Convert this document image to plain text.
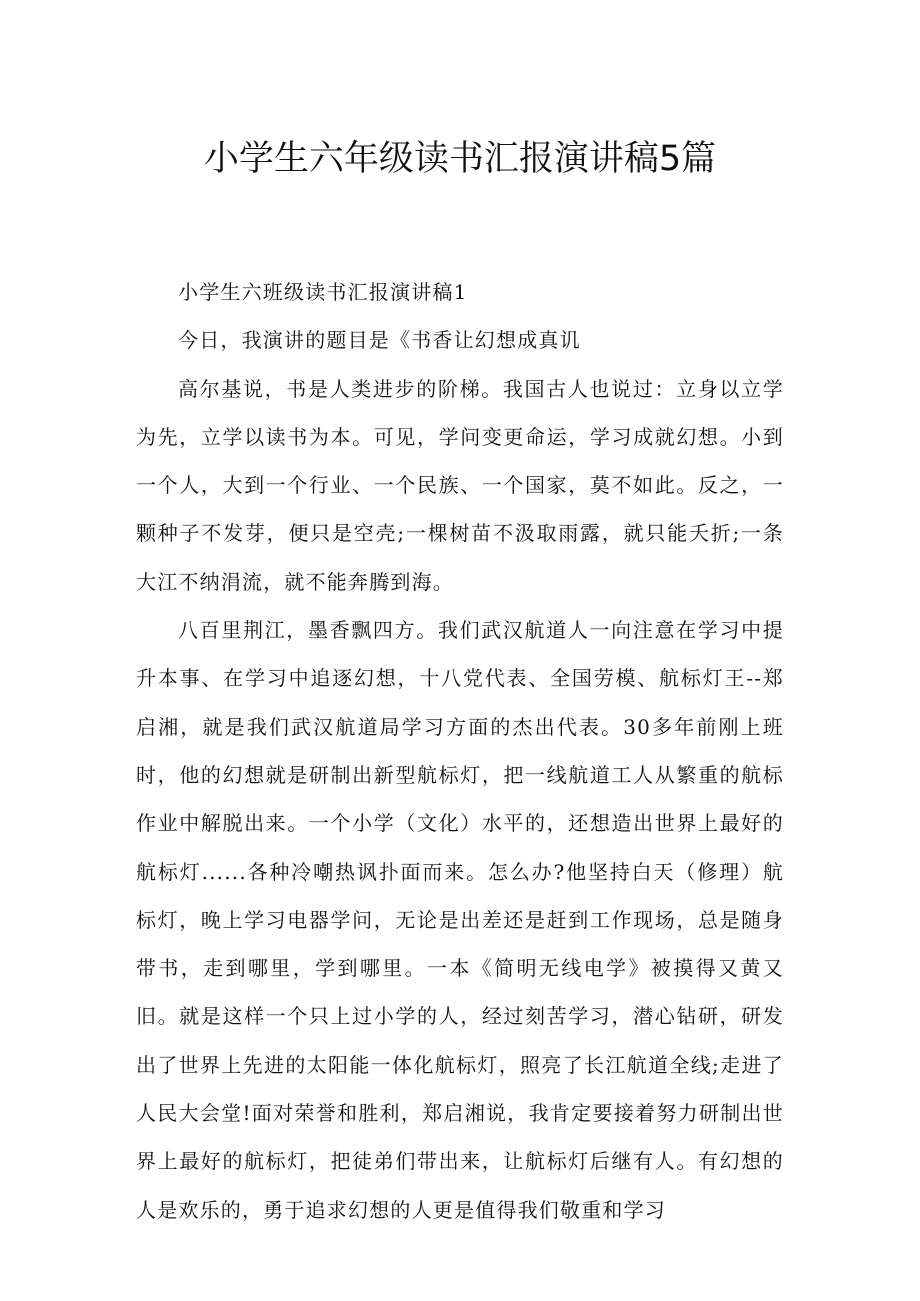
小学生六年级读书汇报演讲稿5篇

小学生六班级读书汇报演讲稿1

今日，我演讲的题目是《书香让幻想成真讥

高尔基说，书是人类进步的阶梯。我国古人也说过：立身以立学为先，立学以读书为本。可见，学问变更命运，学习成就幻想。小到一个人，大到一个行业、一个民族、一个国家，莫不如此。反之，一颗种子不发芽，便只是空壳;一棵树苗不汲取雨露，就只能夭折;一条大江不纳涓流，就不能奔腾到海。

八百里荆江，墨香飘四方。我们武汉航道人一向注意在学习中提升本事、在学习中追逐幻想，十八党代表、全国劳模、航标灯王--郑启湘，就是我们武汉航道局学习方面的杰出代表。30多年前刚上班时，他的幻想就是研制出新型航标灯，把一线航道工人从繁重的航标作业中解脱出来。一个小学（文化）水平的，还想造出世界上最好的航标灯......各种冷嘲热讽扑面而来。怎么办?他坚持白天（修理）航标灯，晚上学习电器学问，无论是出差还是赶到工作现场，总是随身带书，走到哪里，学到哪里。一本《简明无线电学》被摸得又黄又旧。就是这样一个只上过小学的人，经过刻苦学习，潜心钻研，研发出了世界上先进的太阳能一体化航标灯，照亮了长江航道全线;走进了人民大会堂!面对荣誉和胜利，郑启湘说，我肯定要接着努力研制出世界上最好的航标灯，把徒弟们带出来，让航标灯后继有人。有幻想的人是欢乐的，勇于追求幻想的人更是值得我们敬重和学习
